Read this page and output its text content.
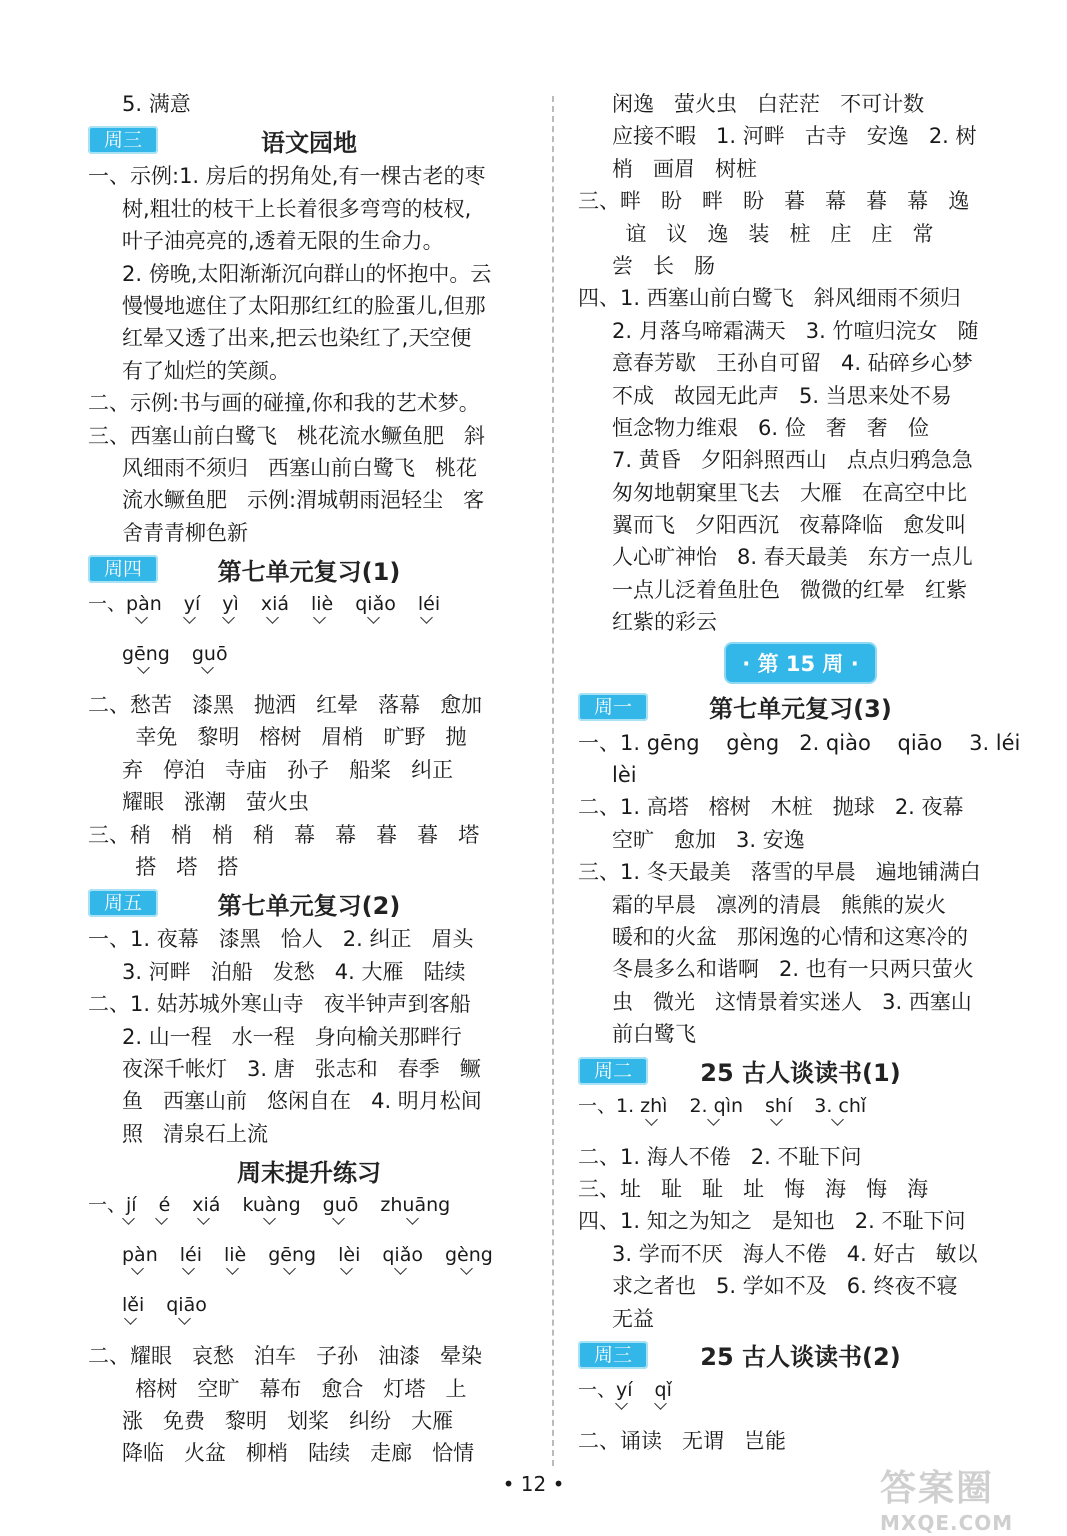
5. 满意
周三	语文园地
一、示例:1. 房后的拐角处,有一棵古老的枣
树,粗壮的枝干上长着很多弯弯的枝杈,
叶子油亮亮的,透着无限的生命力。
2. 傍晚,太阳渐渐沉向群山的怀抱中。云
慢慢地遮住了太阳那红红的脸蛋儿,但那
红晕又透了出来,把云也染红了,天空便
有了灿烂的笑颜。
二、示例:书与画的碰撞,你和我的艺术梦。
三、西塞山前白鹭飞   桃花流水鳜鱼肥   斜
风细雨不须归   西塞山前白鹭飞   桃花
流水鳜鱼肥   示例:渭城朝雨浥轻尘   客
舍青青柳色新
周四	第七单元复习(1)
一、pàn yí yì xiá liè qiǎo léi
gēng guō
二、愁苦   漆黑   抛洒   红晕   落幕   愈加
幸免   黎明   榕树   眉梢   旷野   抛
弃   停泊   寺庙   孙子   船桨   纠正
耀眼   涨潮   萤火虫
三、稍   梢   梢   稍   幕   幕   暮   暮   塔
搭   塔   搭
周五	第七单元复习(2)
一、1. 夜幕   漆黑   恰人   2. 纠正   眉头
3. 河畔   泊船   发愁   4. 大雁   陆续
二、1. 姑苏城外寒山寺   夜半钟声到客船
2. 山一程   水一程   身向榆关那畔行
夜深千帐灯   3. 唐   张志和   春季   鳜
鱼   西塞山前   悠闲自在   4. 明月松间
照   清泉石上流
周末提升练习
一、jí é xiá kuàng guō zhuāng
pàn léi liè gēng lèi qiǎo gèng
lěi qiāo
二、耀眼   哀愁   泊车   子孙   油漆   晕染
榕树   空旷   幕布   愈合   灯塔   上
涨   免费   黎明   划桨   纠纷   大雁
降临   火盆   柳梢   陆续   走廊   恰情
闲逸   萤火虫   白茫茫   不可计数
应接不暇   1. 河畔   古寺   安逸   2. 树
梢   画眉   树桩
三、畔   盼   畔   盼   暮   幕   暮   幕   逸
谊   议   逸   装   桩   庄   庄   常
尝   长   肠
四、1. 西塞山前白鹭飞   斜风细雨不须归
2. 月落乌啼霜满天   3. 竹喧归浣女   随
意春芳歇   王孙自可留   4. 砧碎乡心梦
不成   故园无此声   5. 当思来处不易
恒念物力维艰   6. 俭   奢   奢   俭
7. 黄昏   夕阳斜照西山   点点归鸦急急
匆匆地朝窠里飞去   大雁   在高空中比
翼而飞   夕阳西沉   夜幕降临   愈发叫
人心旷神怡   8. 春天最美   东方一点儿
一点儿泛着鱼肚色   微微的红晕   红紫
红紫的彩云
· 第 15 周 ·
周一	第七单元复习(3)
一、1. gēng    gèng   2. qiào    qiāo    3. léi
lèi
二、1. 高塔   榕树   木桩   抛球   2. 夜幕
空旷   愈加   3. 安逸
三、1. 冬天最美   落雪的早晨   遍地铺满白
霜的早晨   凛冽的清晨   熊熊的炭火
暖和的火盆   那闲逸的心情和这寒冷的
冬晨多么和谐啊   2. 也有一只两只萤火
虫   微光   这情景着实迷人   3. 西塞山
前白鹭飞
周二	25 古人谈读书(1)
一、1. zhì 2. qìn shí 3. chǐ
二、1. 海人不倦   2. 不耻下问
三、址   耻   耻   址   悔   海   悔   海
四、1. 知之为知之   是知也   2. 不耻下问
3. 学而不厌   海人不倦   4. 好古   敏以
求之者也   5. 学如不及   6. 终夜不寝
无益
周三	25 古人谈读书(2)
一、yí qǐ
二、诵读   无谓   岂能
• 12 •	答案圈
MXQE.COM
